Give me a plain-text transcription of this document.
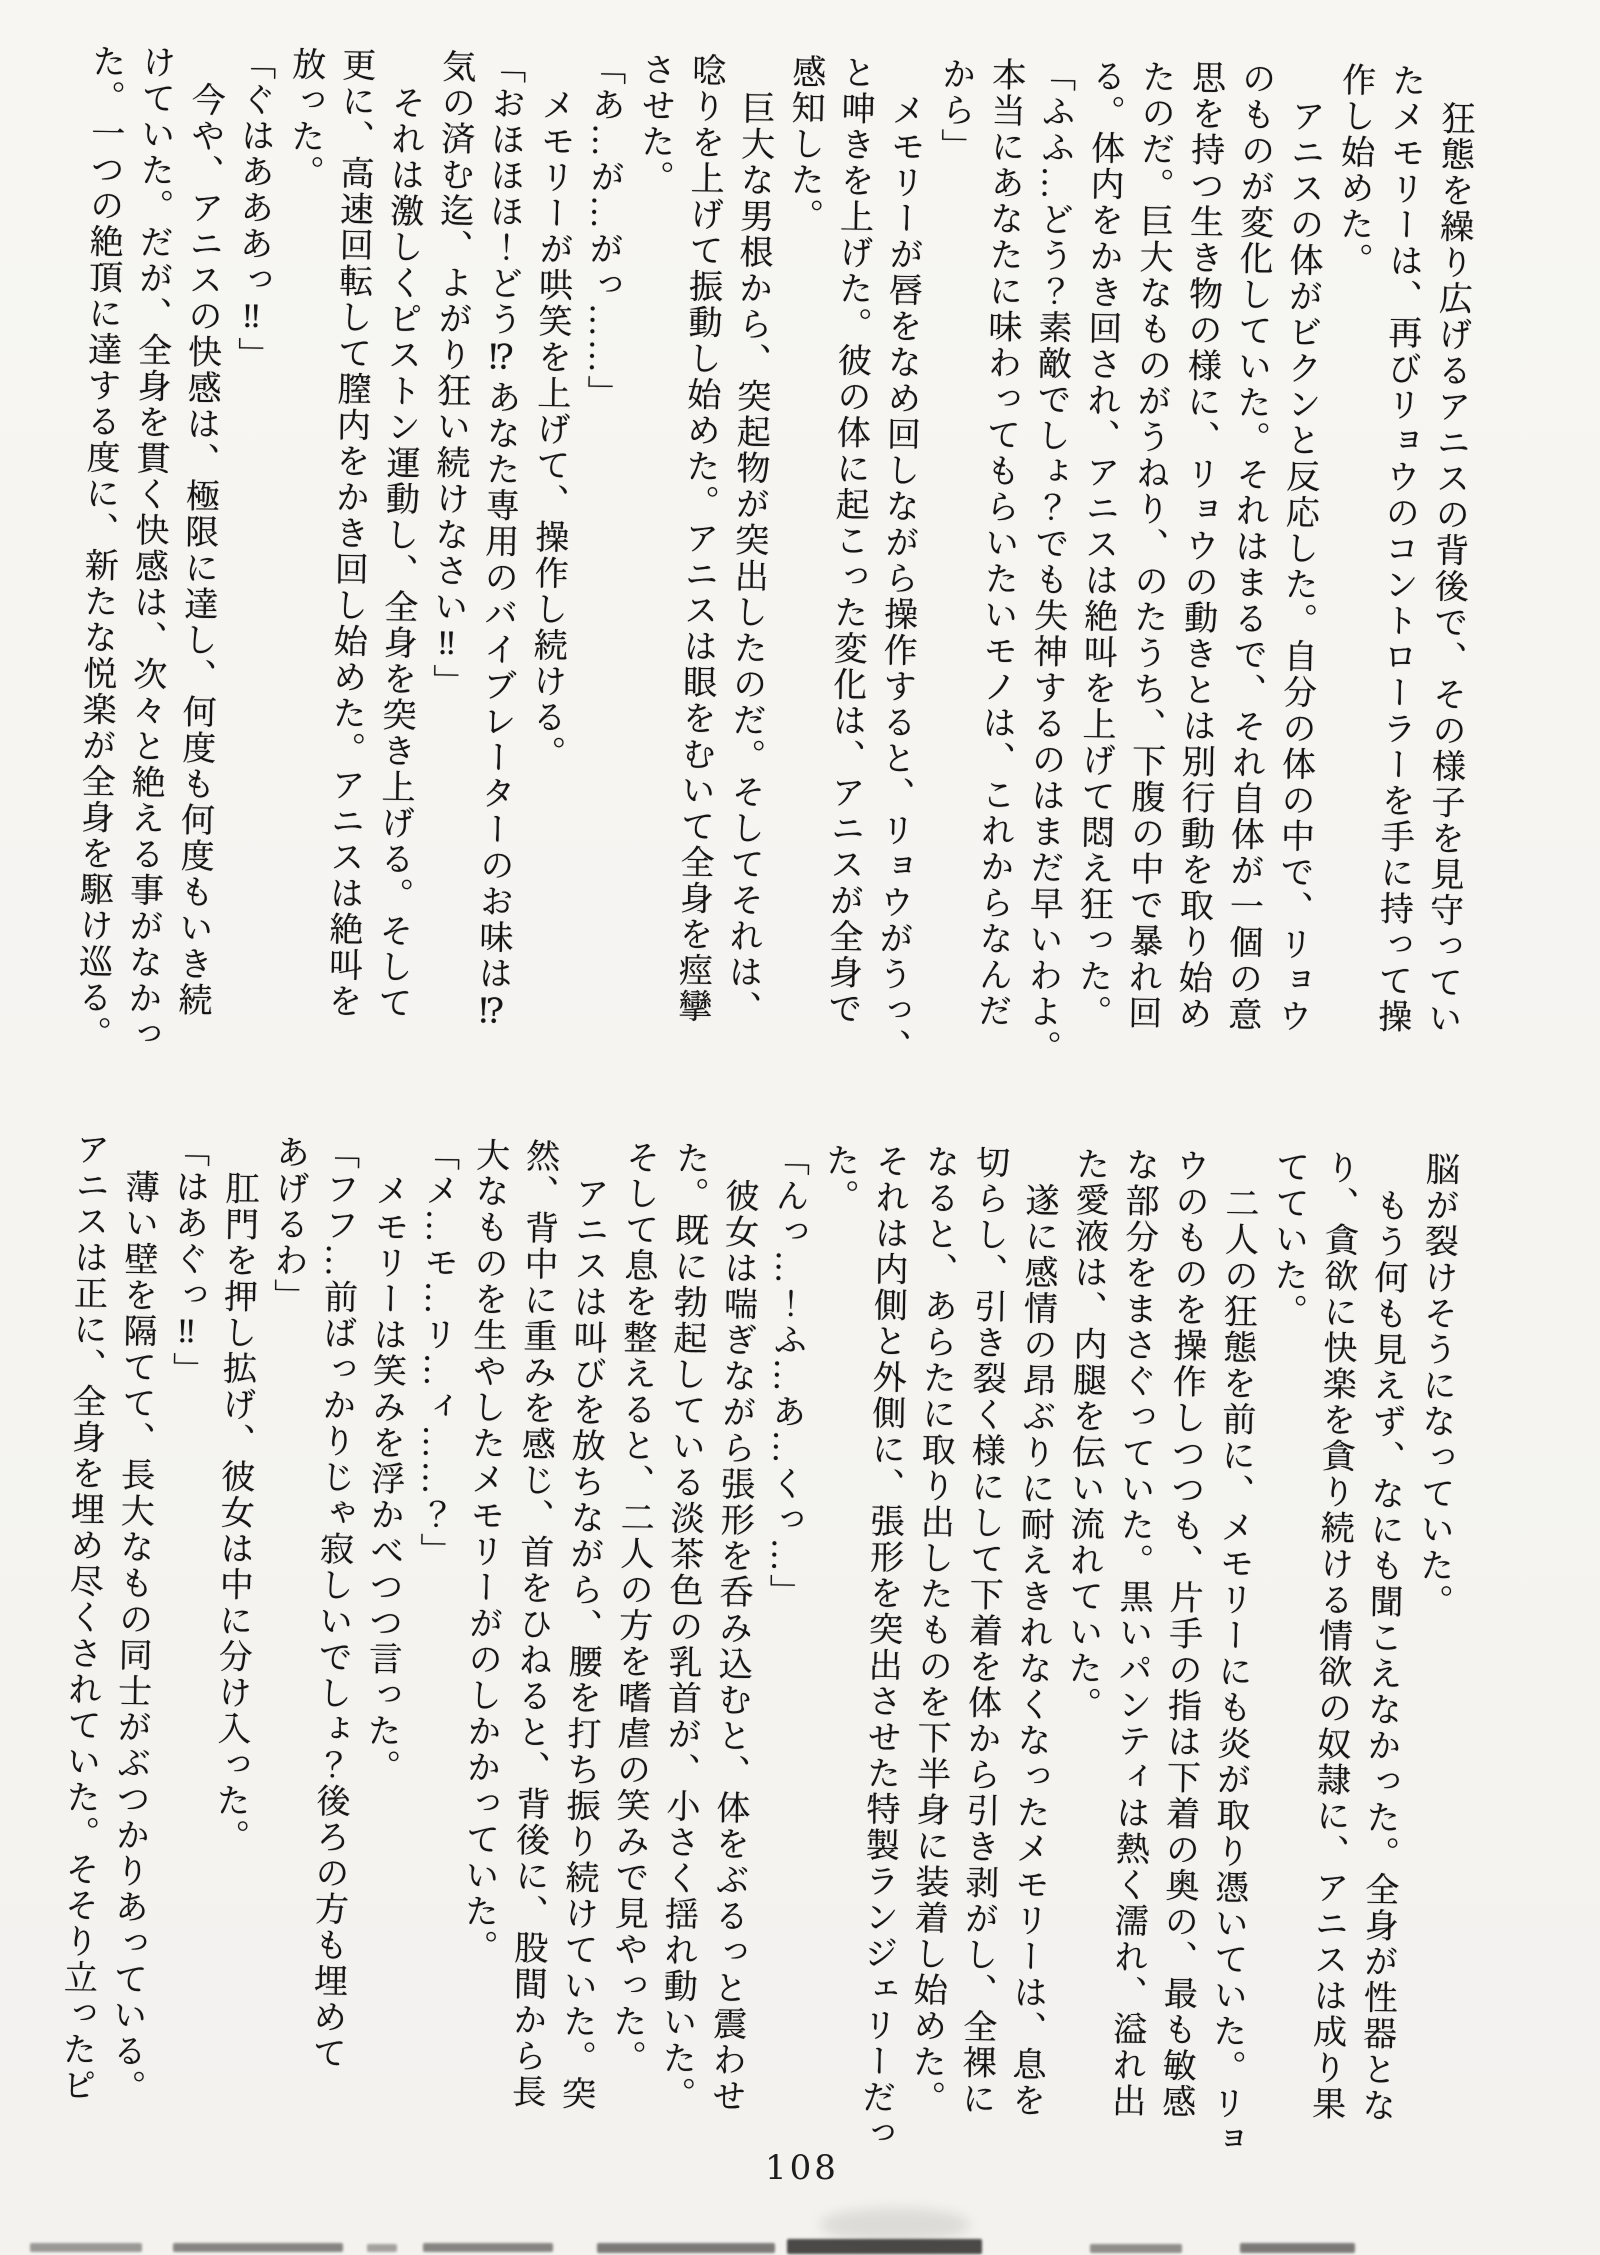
狂態を繰り広げるアニスの背後で、その様子を見守ってい
たメモリーは、再びリョウのコントローラーを手に持って操
作し始めた。
アニスの体がビクンと反応した。自分の体の中で、リョウ
のものが変化していた。それはまるで、それ自体が一個の意
思を持つ生き物の様に、リョウの動きとは別行動を取り始め
たのだ。巨大なものがうねり、のたうち、下腹の中で暴れ回
る。体内をかき回され、アニスは絶叫を上げて悶え狂った。
「ふふ…どう？素敵でしょ？でも失神するのはまだ早いわよ。
本当にあなたに味わってもらいたいモノは、これからなんだ
から」
メモリーが唇をなめ回しながら操作すると、リョウがうっ、
と呻きを上げた。彼の体に起こった変化は、アニスが全身で
感知した。
巨大な男根から、突起物が突出したのだ。そしてそれは、
唸りを上げて振動し始めた。アニスは眼をむいて全身を痙攣
させた。
「あ…が…がっ……」
メモリーが哄笑を上げて、操作し続ける。
「おほほほ！どう⁉あなた専用のバイブレーターのお味は⁉
気の済む迄、よがり狂い続けなさい‼」
それは激しくピストン運動し、全身を突き上げる。そして
更に、高速回転して膣内をかき回し始めた。アニスは絶叫を
放った。
「ぐはあああっ‼」
今や、アニスの快感は、極限に達し、何度も何度もいき続
けていた。だが、全身を貫く快感は、次々と絶える事がなかっ
た。一つの絶頂に達する度に、新たな悦楽が全身を駆け巡る。
脳が裂けそうになっていた。
もう何も見えず、なにも聞こえなかった。全身が性器とな
り、貪欲に快楽を貪り続ける情欲の奴隷に、アニスは成り果
てていた。
二人の狂態を前に、メモリーにも炎が取り憑いていた。リョ
ウのものを操作しつつも、片手の指は下着の奥の、最も敏感
な部分をまさぐっていた。黒いパンティは熱く濡れ、溢れ出
た愛液は、内腿を伝い流れていた。
遂に感情の昂ぶりに耐えきれなくなったメモリーは、息を
切らし、引き裂く様にして下着を体から引き剥がし、全裸に
なると、あらたに取り出したものを下半身に装着し始めた。
それは内側と外側に、張形を突出させた特製ランジェリーだっ
た。
「んっ…！ふ…あ…くっ…」
彼女は喘ぎながら張形を呑み込むと、体をぶるっと震わせ
た。既に勃起している淡茶色の乳首が、小さく揺れ動いた。
そして息を整えると、二人の方を嗜虐の笑みで見やった。
アニスは叫びを放ちながら、腰を打ち振り続けていた。突
然、背中に重みを感じ、首をひねると、背後に、股間から長
大なものを生やしたメモリーがのしかかっていた。
「メ…モ…リ…ィ……？」
メモリーは笑みを浮かべつつ言った。
「フフ…前ばっかりじゃ寂しいでしょ？後ろの方も埋めて
あげるわ」
肛門を押し拡げ、彼女は中に分け入った。
「はあぐっ‼」
薄い壁を隔てて、長大なもの同士がぶつかりあっている。
アニスは正に、全身を埋め尽くされていた。そそり立ったピ
108
